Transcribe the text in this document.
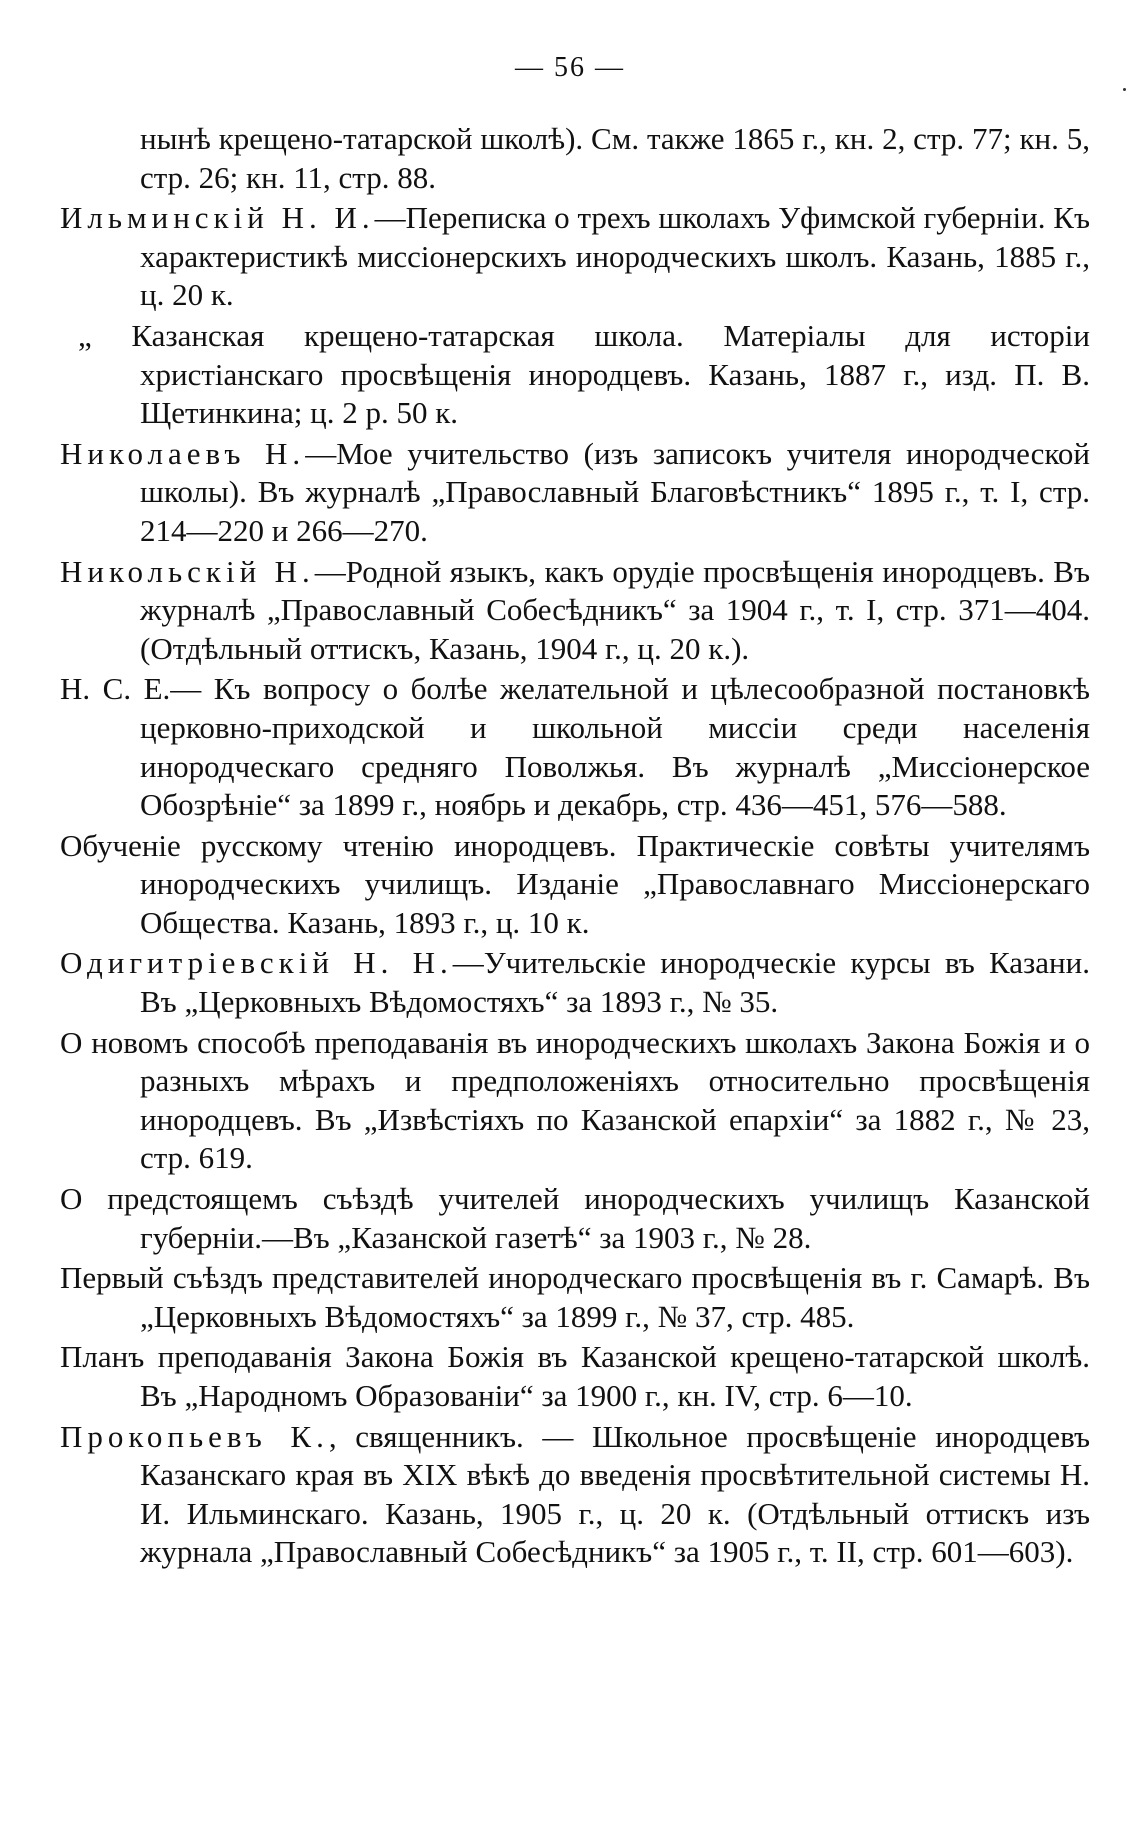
— 56 —

нынѣ крещено-татарской школѣ). См. также 1865 г., кн. 2, стр. 77; кн. 5, стр. 26; кн. 11, стр. 88.

Ильминскій Н. И.—Переписка о трехъ школахъ Уфимской губерніи. Къ характеристикѣ миссіонерскихъ инородческихъ школъ. Казань, 1885 г., ц. 20 к.

„ Казанская крещено-татарская школа. Матеріалы для исторіи христіанскаго просвѣщенія инородцевъ. Казань, 1887 г., изд. П. В. Щетинкина; ц. 2 р. 50 к.

Николаевъ Н.—Мое учительство (изъ записокъ учителя инородческой школы). Въ журналѣ „Православный Благовѣстникъ“ 1895 г., т. I, стр. 214—220 и 266—270.

Никольскій Н.—Родной языкъ, какъ орудіе просвѣщенія инородцевъ. Въ журналѣ „Православный Собесѣдникъ“ за 1904 г., т. I, стр. 371—404. (Отдѣльный оттискъ, Казань, 1904 г., ц. 20 к.).

Н. С. Е.— Къ вопросу о болѣе желательной и цѣлесообразной постановкѣ церковно-приходской и школьной миссіи среди населенія инородческаго средняго Поволжья. Въ журналѣ „Миссіонерское Обозрѣніе“ за 1899 г., ноябрь и декабрь, стр. 436—451, 576—588.

Обученіе русскому чтенію инородцевъ. Практическіе совѣты учителямъ инородческихъ училищъ. Изданіе „Православнаго Миссіонерскаго Общества. Казань, 1893 г., ц. 10 к.

Одигитріевскій Н. Н.—Учительскіе инородческіе курсы въ Казани. Въ „Церковныхъ Вѣдомостяхъ“ за 1893 г., № 35.

О новомъ способѣ преподаванія въ инородческихъ школахъ Закона Божія и о разныхъ мѣрахъ и предположеніяхъ относительно просвѣщенія инородцевъ. Въ „Извѣстіяхъ по Казанской епархіи“ за 1882 г., № 23, стр. 619.

О предстоящемъ съѣздѣ учителей инородческихъ училищъ Казанской губерніи.—Въ „Казанской газетѣ“ за 1903 г., № 28.

Первый съѣздъ представителей инородческаго просвѣщенія въ г. Самарѣ. Въ „Церковныхъ Вѣдомостяхъ“ за 1899 г., № 37, стр. 485.

Планъ преподаванія Закона Божія въ Казанской крещено-татарской школѣ. Въ „Народномъ Образованіи“ за 1900 г., кн. IV, стр. 6—10.

Прокопьевъ К., священникъ. — Школьное просвѣщеніе инородцевъ Казанскаго края въ XIX вѣкѣ до введенія просвѣтительной системы Н. И. Ильминскаго. Казань, 1905 г., ц. 20 к. (Отдѣльный оттискъ изъ журнала „Православный Собесѣдникъ“ за 1905 г., т. II, стр. 601—603).
